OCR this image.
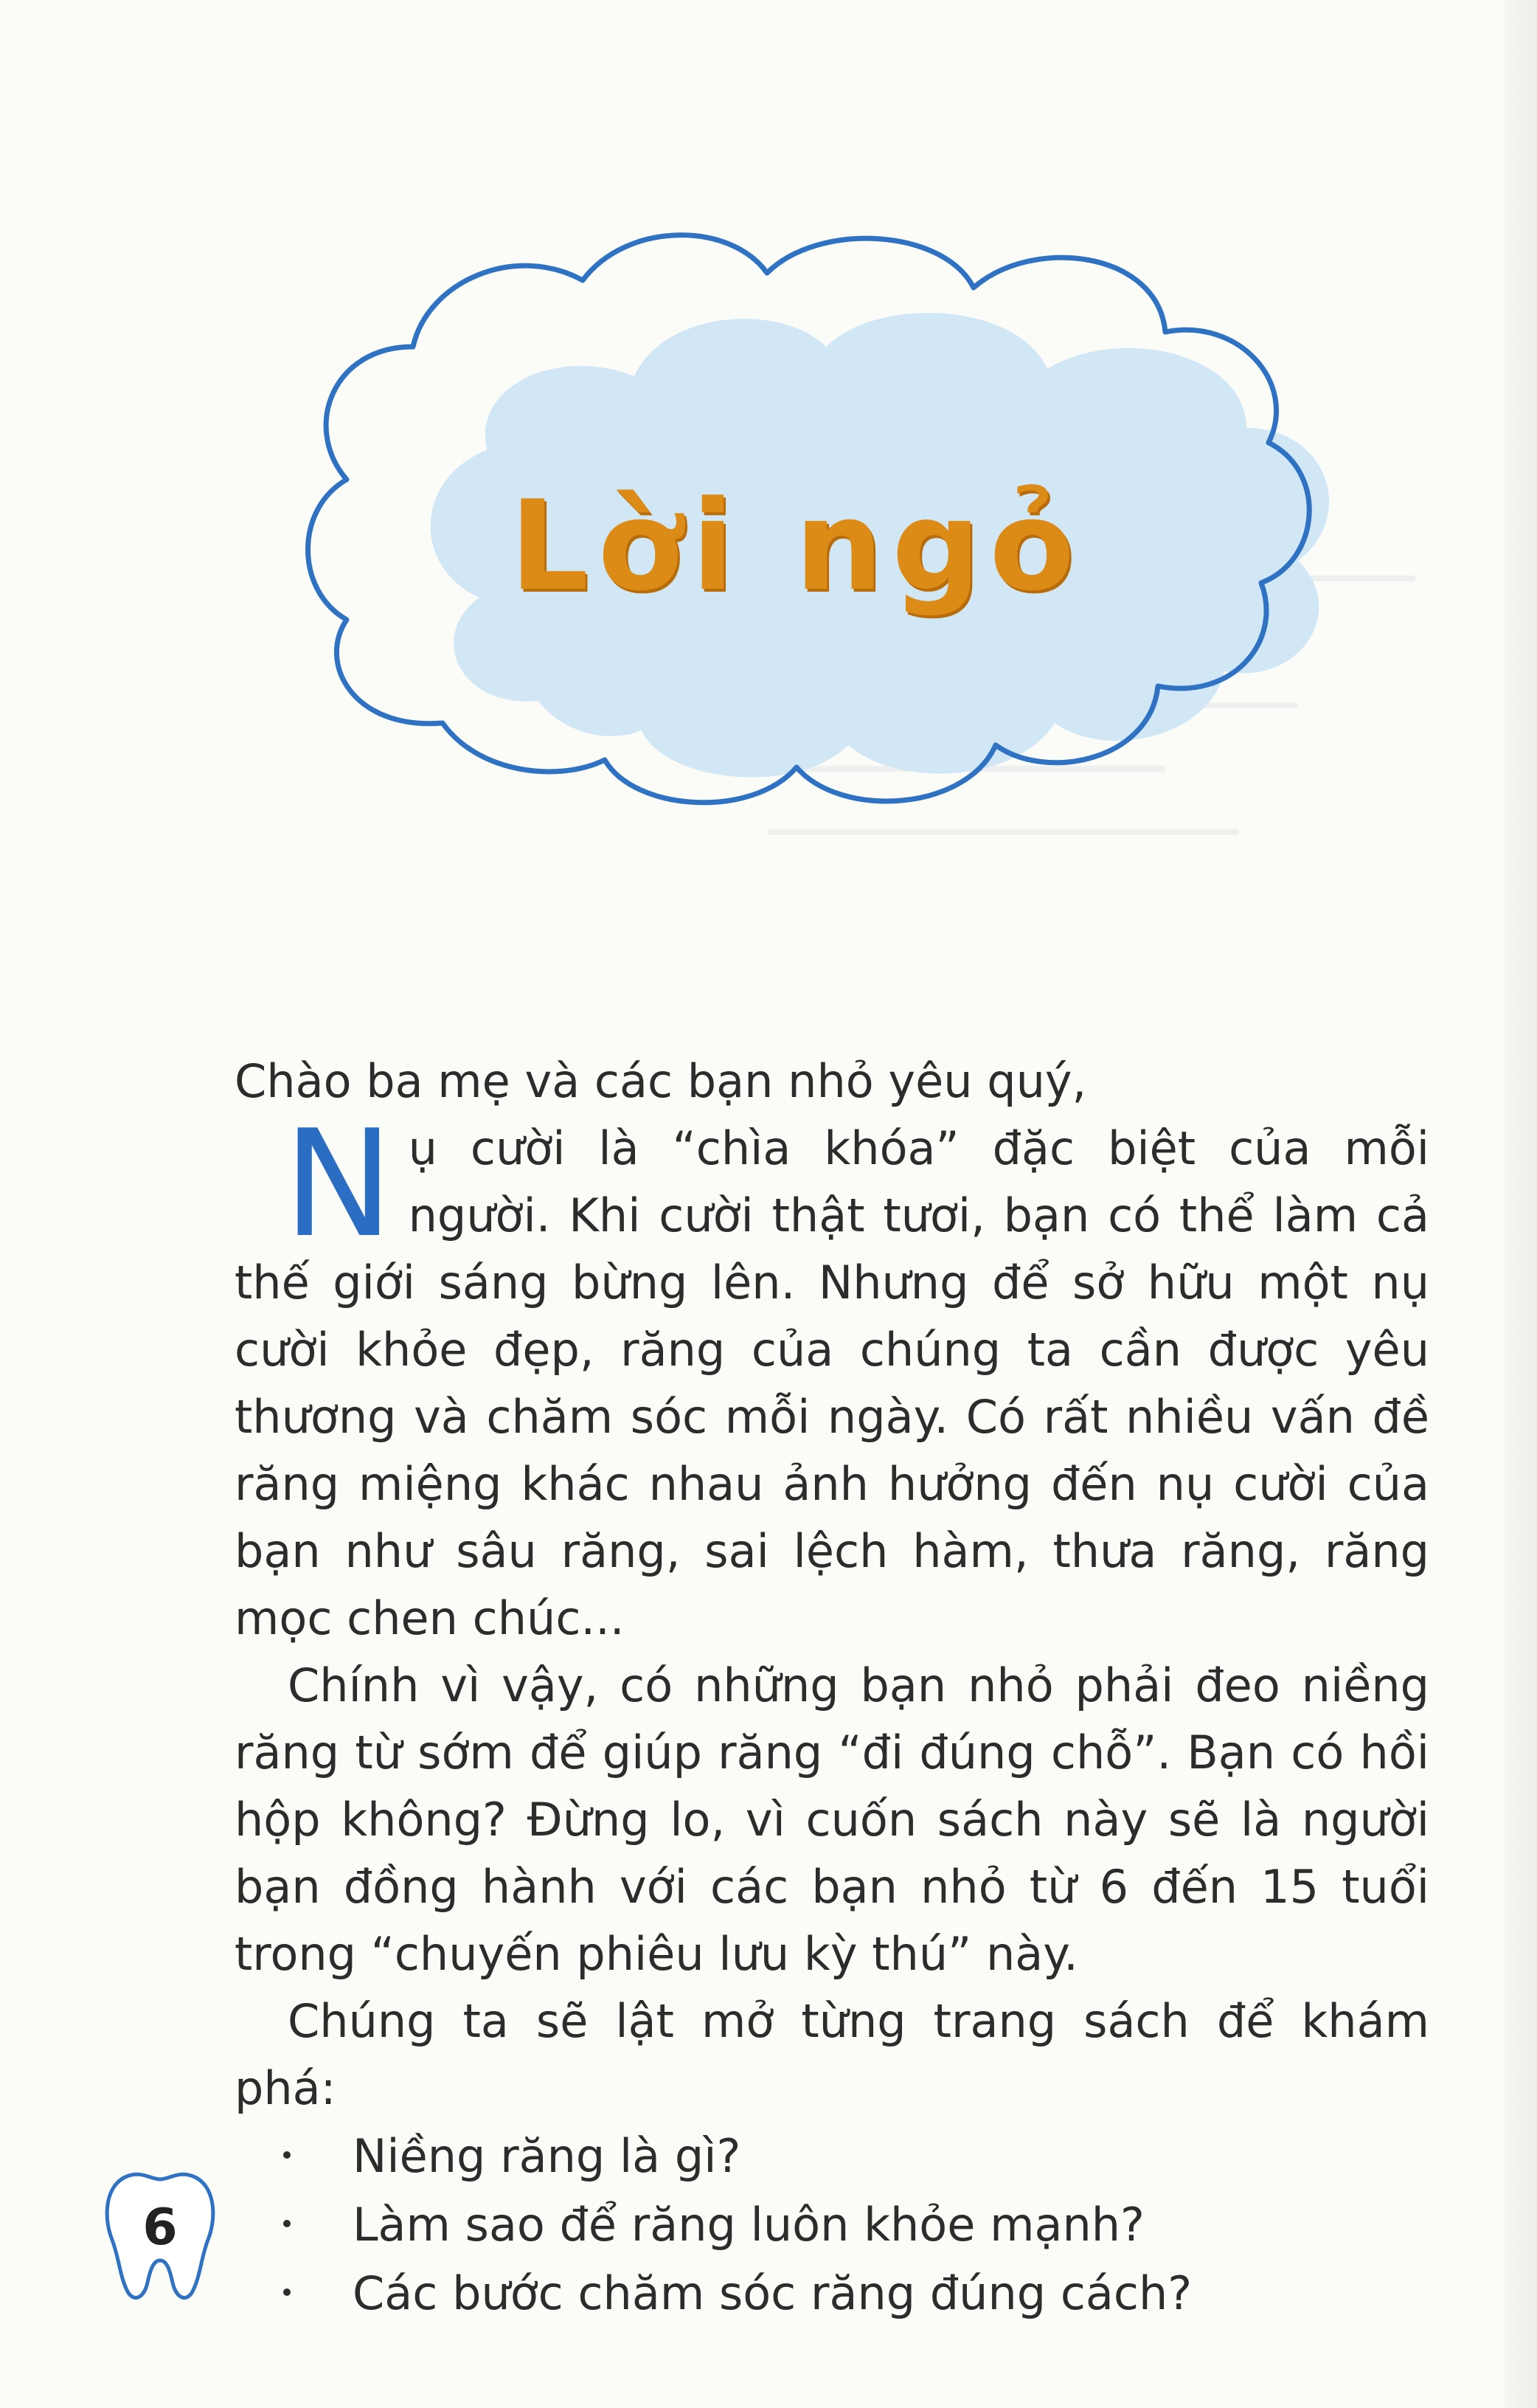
Lời ngỏ

Chào ba mẹ và các bạn nhỏ yêu quý,

Nụ cười là “chìa khóa” đặc biệt của mỗi người. Khi cười thật tươi, bạn có thể làm cả thế giới sáng bừng lên. Nhưng để sở hữu một nụ cười khỏe đẹp, răng của chúng ta cần được yêu thương và chăm sóc mỗi ngày. Có rất nhiều vấn đề răng miệng khác nhau ảnh hưởng đến nụ cười của bạn như sâu răng, sai lệch hàm, thưa răng, răng mọc chen chúc...

Chính vì vậy, có những bạn nhỏ phải đeo niềng răng từ sớm để giúp răng “đi đúng chỗ”. Bạn có hồi hộp không? Đừng lo, vì cuốn sách này sẽ là người bạn đồng hành với các bạn nhỏ từ 6 đến 15 tuổi trong “chuyến phiêu lưu kỳ thú” này.

Chúng ta sẽ lật mở từng trang sách để khám phá:

Niềng răng là gì?
Làm sao để răng luôn khỏe mạnh?
Các bước chăm sóc răng đúng cách?
6
